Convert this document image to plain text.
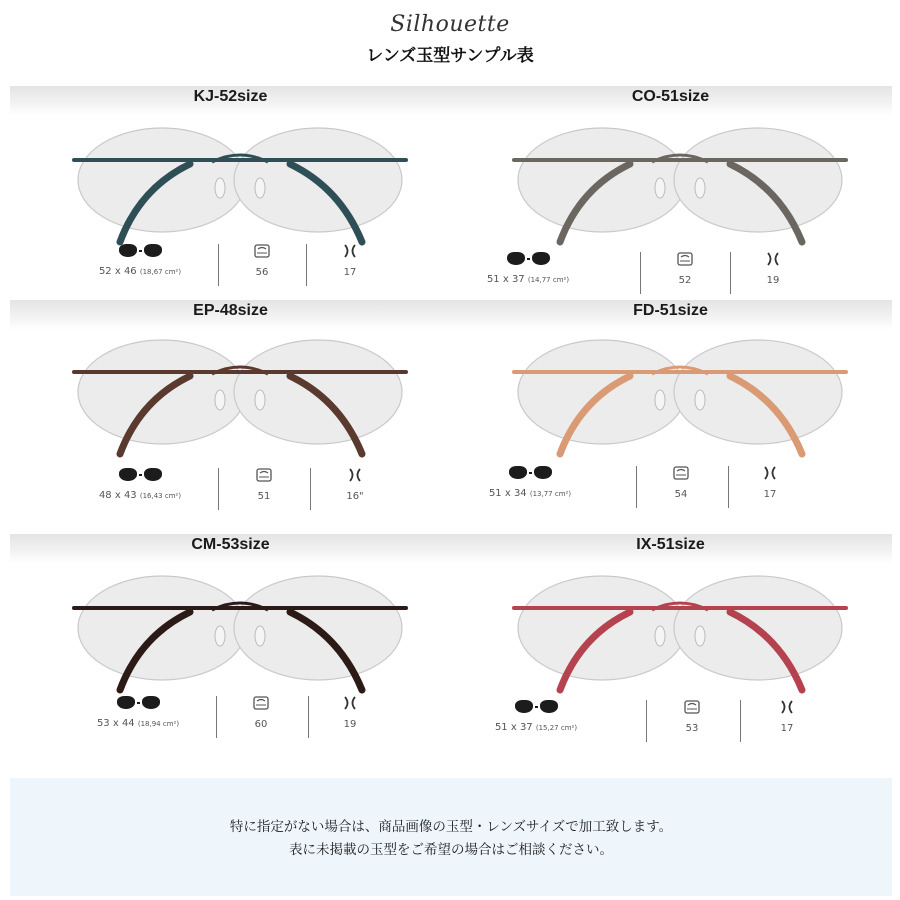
Silhouette
レンズ玉型サンプル表
KJ-52size
52 x 46 (18,67 cm²)	56	17
CO-51size
51 x 37 (14,77 cm²)	52	19
EP-48size
48 x 43 (16,43 cm²)	51	16"
FD-51size
51 x 34 (13,77 cm²)	54	17
CM-53size
53 x 44 (18,94 cm²)	60	19
IX-51size
51 x 37 (15,27 cm²)	53	17

特に指定がない場合は、商品画像の玉型・レンズサイズで加工致します。

表に未掲載の玉型をご希望の場合はご相談ください。
